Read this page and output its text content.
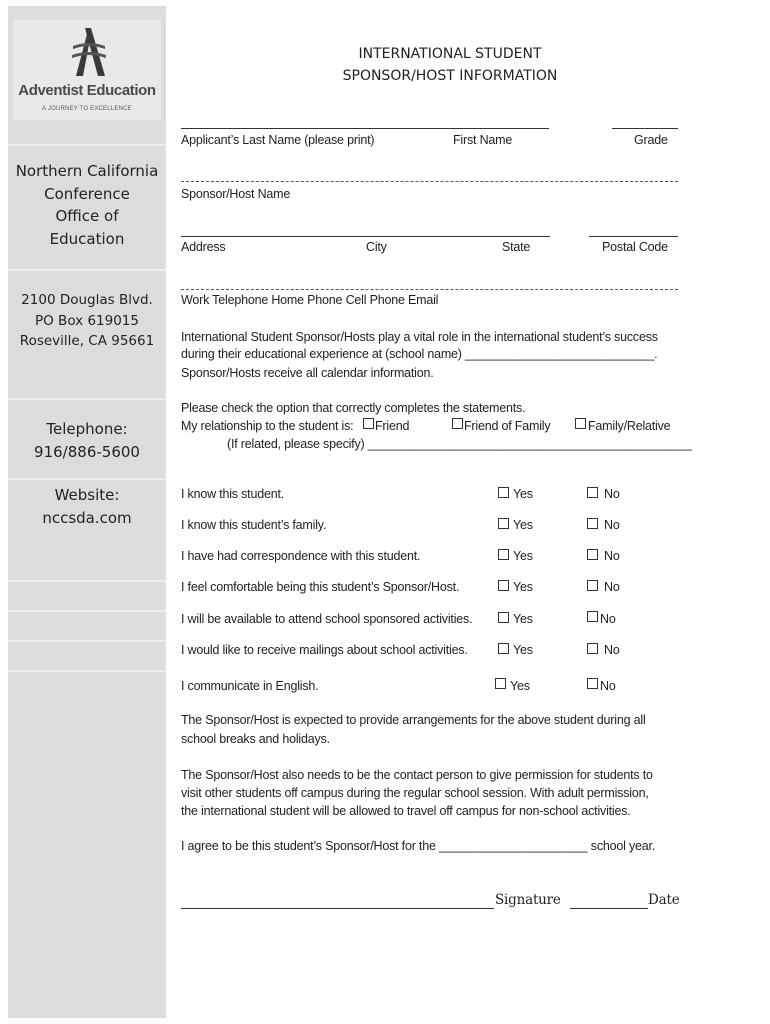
Adventist Education
A JOURNEY TO EXCELLENCE
Northern California
Conference
Office of
Education
2100 Douglas Blvd.
PO Box 619015
Roseville, CA 95661
Telephone:
916/886-5600
Website:
nccsda.com
INTERNATIONAL STUDENT
SPONSOR/HOST INFORMATION
Applicant’s Last Name (please print)	First Name	Grade
Sponsor/Host Name
Address	City	State	Postal Code
Work Telephone Home Phone Cell Phone Email
International Student Sponsor/Hosts play a vital role in the international student’s success
during their educational experience at (school name) ____________________________.
Sponsor/Hosts receive all calendar information.
Please check the option that correctly completes the statements.
My relationship to the student is: Friend	Friend of Family	Family/Relative
(If related, please specify) ________________________________________________
I know this student.	Yes	No
I know this student’s family.	Yes	No
I have had correspondence with this student.	Yes	No
I feel comfortable being this student’s Sponsor/Host.	Yes	No
I will be available to attend school sponsored activities.	Yes	No
I would like to receive mailings about school activities.	Yes	No
I communicate in English.	Yes	No
The Sponsor/Host is expected to provide arrangements for the above student during all
school breaks and holidays.
The Sponsor/Host also needs to be the contact person to give permission for students to
visit other students off campus during the regular school session. With adult permission,
the international student will be allowed to travel off campus for non-school activities.
I agree to be this student’s Sponsor/Host for the ______________________ school year.
Signature	Date
